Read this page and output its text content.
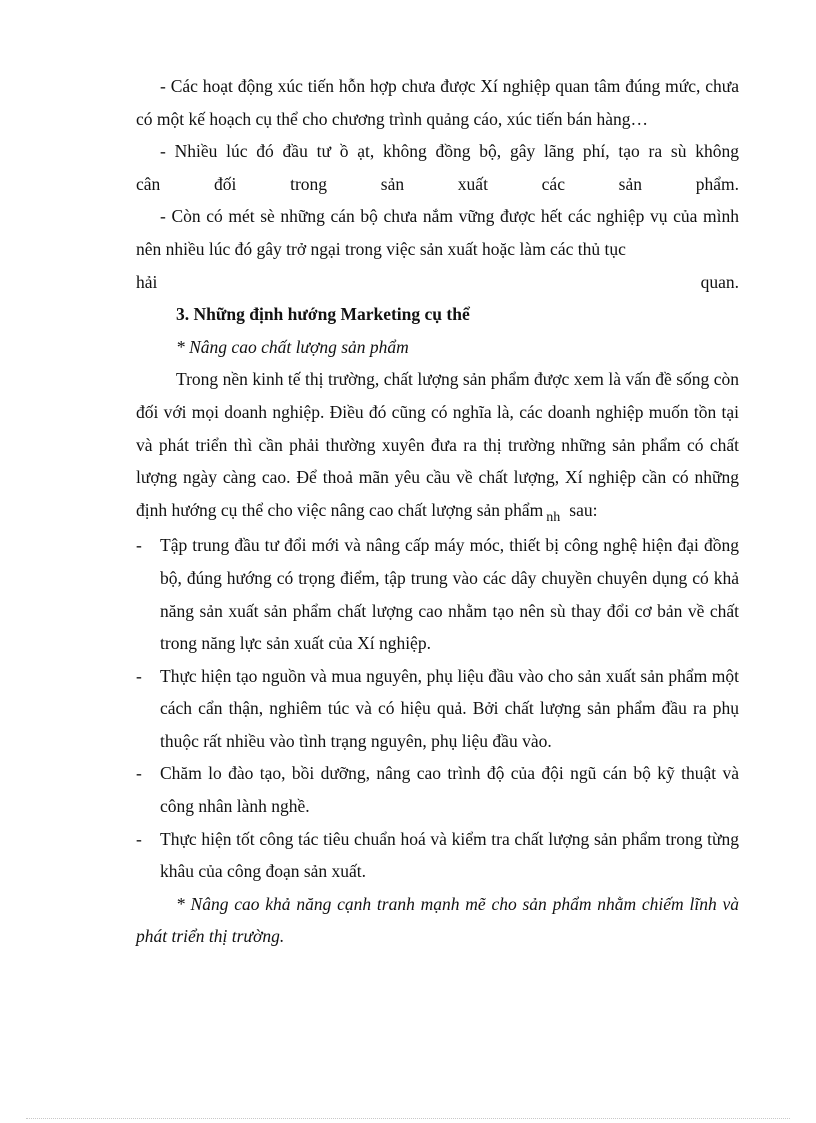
- Các hoạt động xúc tiến hỗn hợp chưa được Xí nghiệp quan tâm đúng mức, chưa có một kế hoạch cụ thể cho chương trình quảng cáo, xúc tiến bán hàng…

- Nhiều lúc đó đầu tư ồ ạt, không đồng bộ, gây lãng phí, tạo ra sù không

cân đối trong sản xuất các sản phẩm.

- Còn có mét sè những cán bộ chưa nắm vững được hết các nghiệp vụ của mình nên nhiều lúc đó gây trở ngại trong việc sản xuất hoặc làm các thủ tục

hải quan.

3. Những định hướng Marketing cụ thể

* Nâng cao chất lượng sản phẩm

Trong nền kinh tế thị trường, chất lượng sản phẩm được xem là vấn đề sống còn đối với mọi doanh nghiệp. Điều đó cũng có nghĩa là, các doanh nghiệp muốn tồn tại và phát triển thì cần phải thường xuyên đưa ra thị trường những sản phẩm có chất lượng ngày càng cao. Để thoả mãn yêu cầu về chất lượng, Xí nghiệp cần có những định hướng cụ thể cho việc nâng cao chất lượng sản phẩm $_{nh}$ sau:

- Tập trung đầu tư đổi mới và nâng cấp máy móc, thiết bị công nghệ hiện đại đồng bộ, đúng hướng có trọng điểm, tập trung vào các dây chuyền chuyên dụng có khả năng sản xuất sản phẩm chất lượng cao nhằm tạo nên sù thay đổi cơ bản về chất trong năng lực sản xuất của Xí nghiệp.
- Thực hiện tạo nguồn và mua nguyên, phụ liệu đầu vào cho sản xuất sản phẩm một cách cẩn thận, nghiêm túc và có hiệu quả. Bởi chất lượng sản phẩm đầu ra phụ thuộc rất nhiều vào tình trạng nguyên, phụ liệu đầu vào.
- Chăm lo đào tạo, bồi dưỡng, nâng cao trình độ của đội ngũ cán bộ kỹ thuật và công nhân lành nghề.
- Thực hiện tốt công tác tiêu chuẩn hoá và kiểm tra chất lượng sản phẩm trong từng khâu của công đoạn sản xuất.

* Nâng cao khả năng cạnh tranh mạnh mẽ cho sản phẩm nhằm chiếm lĩnh và phát triển thị trường.
